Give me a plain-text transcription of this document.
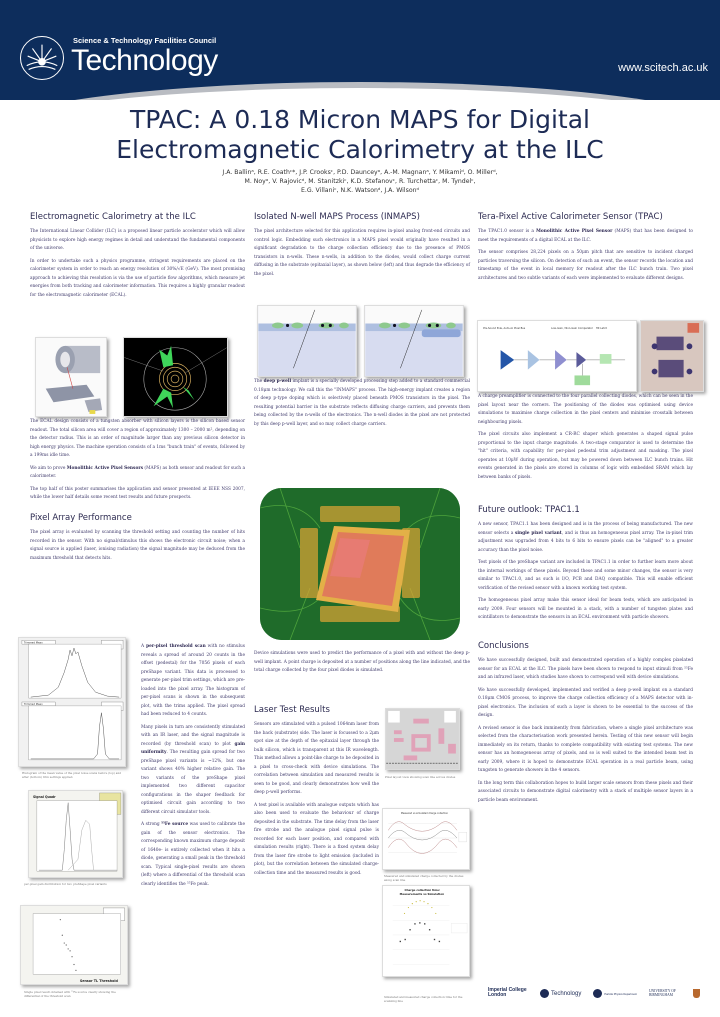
Science & Technology Facilities Council
Technology	www.scitech.ac.uk
TPAC: A 0.18 Micron MAPS for Digital
Electromagnetic Calorimetry at the ILC
J.A. Ballinᵃ, R.E. Coathᶜ*, J.P. Crooksᶜ, P.D. Daunceyᵃ, A.-M. Magnanᵃ, Y. Mikamiᵈ, O. Millerᵈ,
M. Noyᵃ, V. Rajovicᵈ, M. Stanitzkiᶜ, K.D. Stefanovᶜ, R. Turchettaᶜ, M. Tyndelᶜ,
E.G. Villaniᶜ, N.K. Watsonᵈ, J.A. Wilsonᵈ
Electromagnetic Calorimetry at the ILC

The International Linear Collider (ILC) is a proposed linear particle accelerator which will allow physicists to explore high energy regimes in detail and understand the fundamental components of the universe.

In order to undertake such a physics programme, stringent requirements are placed on the calorimeter system in order to reach an energy resolution of 30%/√E (GeV). The most promising approach to achieving this resolution is via the use of particle flow algorithms, which measure jet energies from both tracking and calorimeter information. This requires a highly granular readout for the electromagnetic calorimeter (ECAL).

The ECAL design consists of a tungsten absorber with silicon layers is the silicon based sensor readout. The total silicon area will cover a region of approximately 1300 – 2000 m², depending on the detector radius. This is an order of magnitude larger than any previous silicon detector in high energy physics. The machine operation consists of a 1ms "bunch train" of events, followed by a 199ms idle time.

We aim to prove Monolithic Active Pixel Sensors (MAPS) as both sensor and readout for such a calorimeter.

The top half of this poster summarises the application and sensor presented at IEEE NSS 2007, while the lower half details some recent test results and future prospects.

Pixel Array Performance

The pixel array is evaluated by scanning the threshold setting and counting the number of hits recorded in the sensor. With no signal/stimulus this shows the electronic circuit noise; when a signal source is applied (laser, ionising radiation) the signal magnitude may be deduced from the maximum threshold that detects hits.

Trimmed Mean
Trimmed Mean
Histogram of the mean value of the pixel noise scans before (top) and after (bottom) trim settings applied.
Signal Quadr
per-pixel gain distribution for two preShape pixel variants
Sensor TL Threshold
Single pixel result obtained with ⁵⁵Fe source clearly showing the differential of the threshold scan

A per-pixel threshold scan with no stimulus reveals a spread of around 20 counts in the offset (pedestal) for the 7056 pixels of each preShape variant. This data is processed to generate per-pixel trim settings, which are pre-loaded into the pixel array. The histogram of per-pixel scans is shown in the subsequent plot, with the trims applied. The pixel spread had been reduced to 4 counts.

Many pixels in turn are consistently stimulated with an IR laser, and the signal magnitude is recorded (by threshold scan) to plot gain uniformity. The resulting gain spread for two preShape pixel variants is ~12%, but one variant shows 40% higher relative gain. The two variants of the preShape pixel implemented two different capacitor configurations in the shaper feedback for optimised circuit gain according to two different circuit simulator tools.

A strong ⁵⁵Fe source was used to calibrate the gain of the sensor electronics. The corresponding known maximum charge deposit of 1640e- is entirely collected when it hits a diode, generating a small peak in the threshold scan. Typical single-pixel results are shown (left) where a differential of the threshold scan clearly identifies the ⁵⁵Fe peak.

Isolated N-well MAPS Process (INMAPS)

The pixel architecture selected for this application requires in-pixel analog front-end circuits and control logic. Embedding such electronics in a MAPS pixel would originally have resulted in a significant degradation to the charge collection efficiency due to the presence of PMOS transistors in n-wells. These n-wells, in addition to the diodes, would collect charge current diffusing in the substrate (epitaxial layer), as shown below (left) and thus degrade the efficiency of the pixel.

The deep p-well implant is a specially developed processing step added to a standard commercial 0.18μm technology. We call this the "INMAPS" process. The high-energy implant creates a region of deep p-type doping which is selectively placed beneath PMOS transistors in the pixel. The resulting potential barrier in the substrate reflects diffusing charge carriers, and prevents them being collected by the n-wells of the electronics. The n-well diodes in the pixel are not protected by this deep p-well layer, and so may collect charge carriers.

Device simulations were used to predict the performance of a pixel with and without the deep p-well implant. A point charge is deposited at a number of positions along the line indicated, and the total charge collected by the four pixel diodes is simulated.

Pixel layout view showing scan line across diodes
Laser Test Results

Sensors are stimulated with a pulsed 1064nm laser from the back (substrate) side. The laser is focussed to a 2μm spot size at the depth of the epitaxial layer through the bulk silicon, which is transparent at this IR wavelength. This method allows a point-like charge to be deposited in a pixel to cross-check with device simulations. The correlation between simulation and measured results is seen to be good, and clearly demonstrates how well the deep p-well performs.

A test pixel is available with analogue outputs which has also been used to evaluate the behaviour of charge deposited in the substrate. The time delay from the laser fire strobe and the analogue pixel signal pulse is recorded for each laser position, and compared with simulation results (right). There is a fixed system delay from the laser fire strobe to light emission (included in plot), but the correlation between the simulated charge-collection time and the measured results is good.

Measured vs simulated charge collection
Measured and simulated charge collected by the diodes along scan line
Charge collection time:
Measurements vs Simulation
Simulated and measured charge collection time for the scanning line
Tera-Pixel Active Calorimeter Sensor (TPAC)

The TPAC1.0 sensor is a Monolithic Active Pixel Sensor (MAPS) that has been designed to meet the requirements of a digital ECAL at the ILC.

The sensor comprises 28,224 pixels on a 50μm pitch that are sensitive to incident charged particles traversing the silicon. On detection of such an event, the sensor records the location and timestamp of the event in local memory for readout after the ILC bunch train. Two pixel architectures and two subtle variants of each were implemented to evaluate different designs.

Pre-Sound Pole, Auto-zo Pixel Bus	Low-Gain / Non-Gain Comparator	Hit Latch

A charge preamplifier is connected to the four parallel collecting diodes, which can be seen in the pixel layout near the corners. The positioning of the diodes was optimised using device simulations to maximise charge collection in the pixel centers and minimise crosstalk between neighbouring pixels.

The pixel circuits also implement a CR-RC shaper which generates a shaped signal pulse proportional to the input charge magnitude. A two-stage comparator is used to determine the "hit" criteria, with capability for per-pixel pedestal trim adjustment and masking. The pixel operates at 10μW during operation, but may be powered down between ILC bunch trains. Hit events generated in the pixels are stored in columns of logic with embedded SRAM which lay between banks of pixels.

Future outlook: TPAC1.1

A new sensor, TPAC1.1 has been designed and is in the process of being manufactured. The new sensor selects a single pixel variant, and is thus an homogeneous pixel array. The in-pixel trim adjustment was upgraded from 4 bits to 6 bits to ensure pixels can be "aligned" to a greater accuracy than the pixel noise.

Test pixels of the preShape variant are included in TPAC1.1 in order to further learn more about the internal workings of these pixels. Beyond these and some minor changes, the sensor is very similar to TPAC1.0, and as such is I/O, PCB and DAQ compatible. This will enable efficient verification of the revised sensor with a known working test system.

The homogeneous pixel array make this sensor ideal for beam tests, which are anticipated in early 2009. Four sensors will be mounted in a stack, with a number of tungsten plates and scintillators to demonstrate the sensors in an ECAL environment with particle showers.

Conclusions

We have successfully designed, built and demonstrated operation of a highly complex pixelated sensor for an ECAL at the ILC. The pixels have been shown to respond to input stimuli from ⁵⁵Fe and an infrared laser, which studies have shown to correspond well with device simulations.

We have successfully developed, implemented and verified a deep p-well implant on a standard 0.18μm CMOS process, to improve the charge collection efficiency of a MAPS detector with in-pixel electronics. The inclusion of such a layer is shown to be essential to the success of the design.

A revised sensor is due back imminently from fabrication, where a single pixel architecture was selected from the characterisation work presented herein. Testing of this new sensor will begin immediately on its return, thanks to complete compatibility with existing test systems. The new sensor has an homogeneous array of pixels, and so is well suited to the intended beam test in early 2009, where it is hoped to demonstrate ECAL operation in a real particle beam, using tungsten to generate showers in the 4 sensors.

In the long term this collaboration hopes to build larger scale sensors from these pixels and their associated circuits to demonstrate digital calorimetry with a stack of multiple sensor layers in a particle beam environment.

Imperial College London	Technology	Particle Physics Department
UNIVERSITY OF BIRMINGHAM
